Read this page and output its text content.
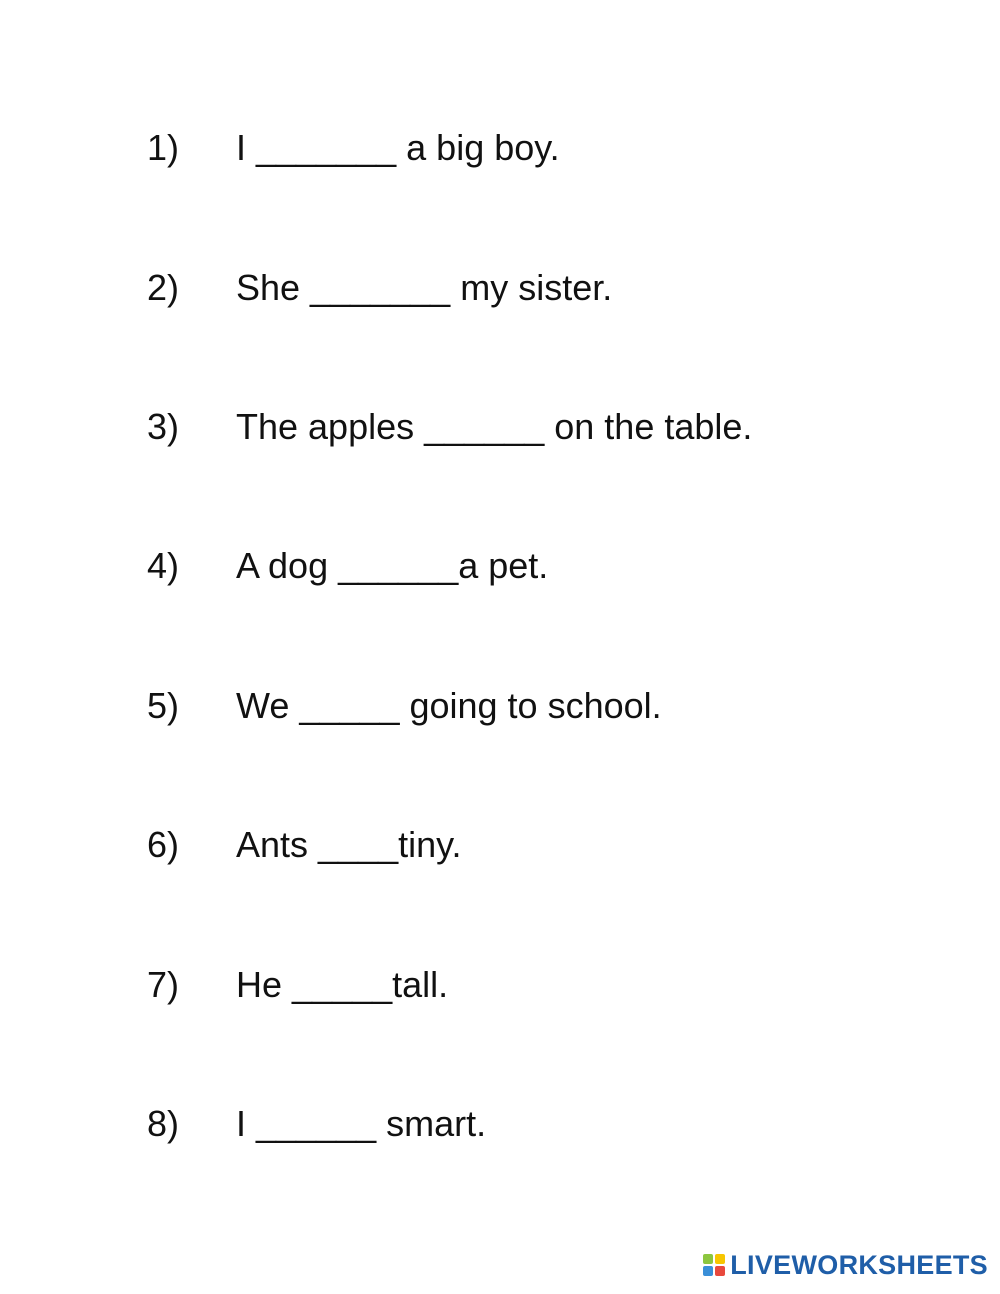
1)	I _______ a big boy.
2)	She _______ my sister.
3)	The apples ______ on the table.
4)	A dog ______a pet.
5)	We _____ going to school.
6)	Ants ____tiny.
7)	He _____tall.
8)	I ______ smart.
LIVEWORKSHEETS
